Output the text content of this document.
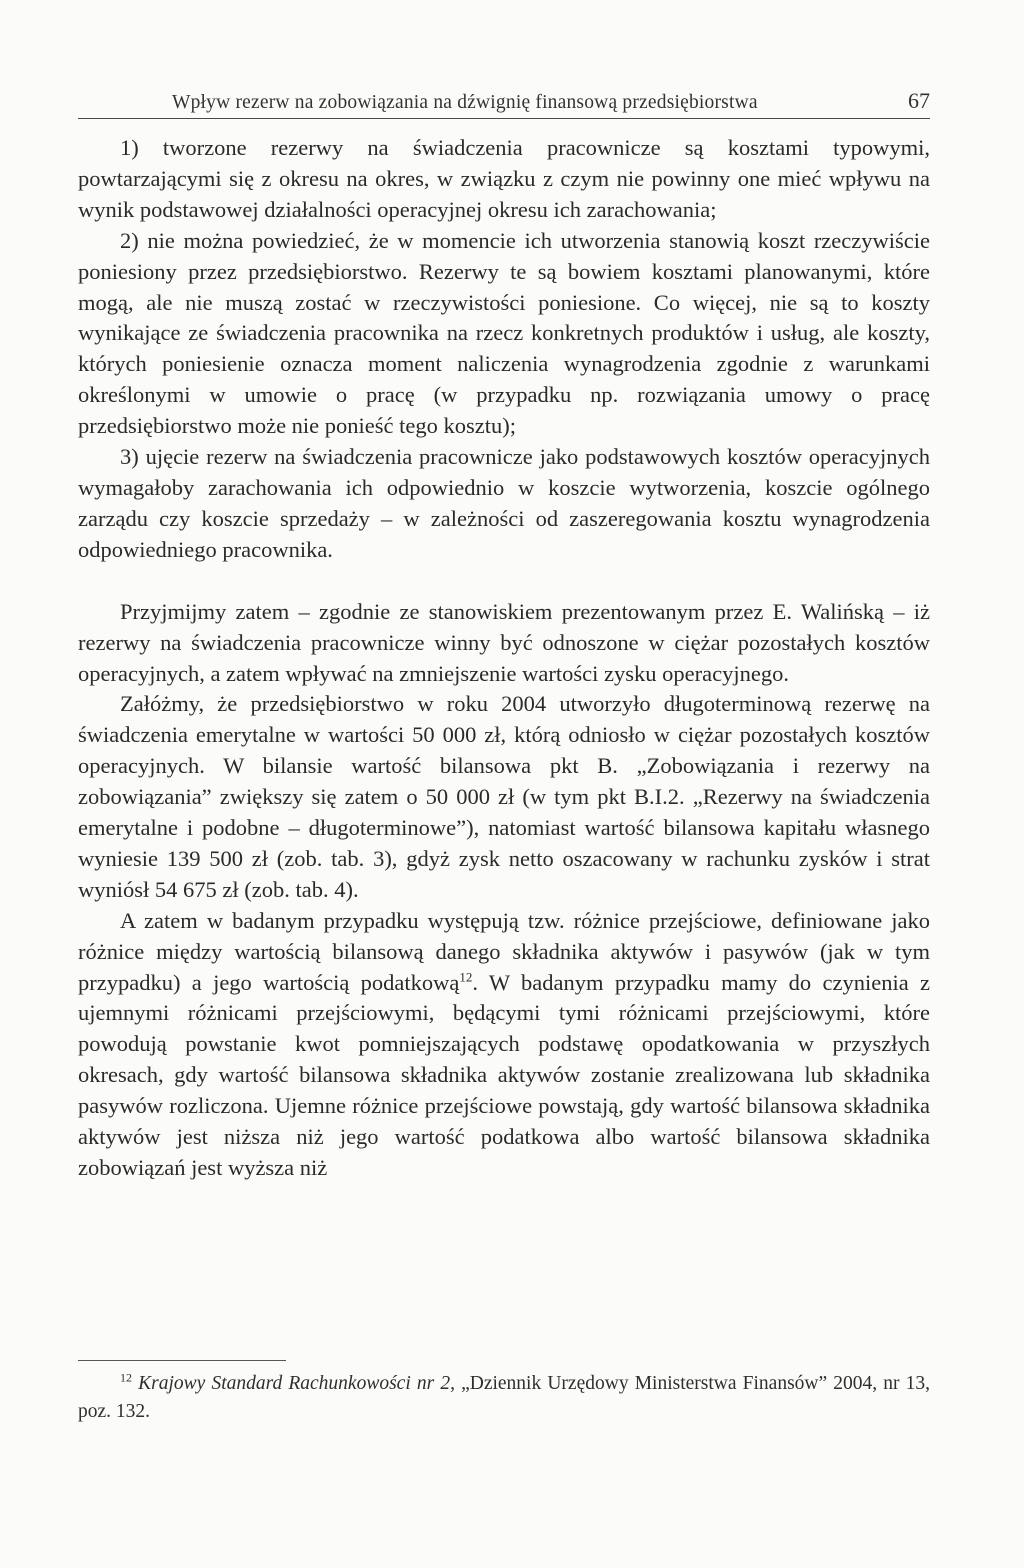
Wpływ rezerw na zobowiązania na dźwignię finansową przedsiębiorstwa	67

1) tworzone rezerwy na świadczenia pracownicze są kosztami typowymi, powtarzającymi się z okresu na okres, w związku z czym nie powinny one mieć wpływu na wynik podstawowej działalności operacyjnej okresu ich zarachowania;

2) nie można powiedzieć, że w momencie ich utworzenia stanowią koszt rzeczywiście poniesiony przez przedsiębiorstwo. Rezerwy te są bowiem kosztami planowanymi, które mogą, ale nie muszą zostać w rzeczywistości poniesione. Co więcej, nie są to koszty wynikające ze świadczenia pracownika na rzecz konkretnych produktów i usług, ale koszty, których poniesienie oznacza moment naliczenia wynagrodzenia zgodnie z warunkami określonymi w umowie o pracę (w przypadku np. rozwiązania umowy o pracę przedsiębiorstwo może nie ponieść tego kosztu);

3) ujęcie rezerw na świadczenia pracownicze jako podstawowych kosztów operacyjnych wymagałoby zarachowania ich odpowiednio w koszcie wytworzenia, koszcie ogólnego zarządu czy koszcie sprzedaży – w zależności od zaszeregowania kosztu wynagrodzenia odpowiedniego pracownika.

Przyjmijmy zatem – zgodnie ze stanowiskiem prezentowanym przez E. Walińską – iż rezerwy na świadczenia pracownicze winny być odnoszone w ciężar pozostałych kosztów operacyjnych, a zatem wpływać na zmniejszenie wartości zysku operacyjnego.

Załóżmy, że przedsiębiorstwo w roku 2004 utworzyło długoterminową rezerwę na świadczenia emerytalne w wartości 50 000 zł, którą odniosło w ciężar pozostałych kosztów operacyjnych. W bilansie wartość bilansowa pkt B. „Zobowiązania i rezerwy na zobowiązania” zwiększy się zatem o 50 000 zł (w tym pkt B.I.2. „Rezerwy na świadczenia emerytalne i podobne – długoterminowe”), natomiast wartość bilansowa kapitału własnego wyniesie 139 500 zł (zob. tab. 3), gdyż zysk netto oszacowany w rachunku zysków i strat wyniósł 54 675 zł (zob. tab. 4).

A zatem w badanym przypadku występują tzw. różnice przejściowe, definiowane jako różnice między wartością bilansową danego składnika aktywów i pasywów (jak w tym przypadku) a jego wartością podatkową$^{12}$. W badanym przypadku mamy do czynienia z ujemnymi różnicami przejściowymi, będącymi tymi różnicami przejściowymi, które powodują powstanie kwot pomniejszających podstawę opodatkowania w przyszłych okresach, gdy wartość bilansowa składnika aktywów zostanie zrealizowana lub składnika pasywów rozliczona. Ujemne różnice przejściowe powstają, gdy wartość bilansowa składnika aktywów jest niższa niż jego wartość podatkowa albo wartość bilansowa składnika zobowiązań jest wyższa niż

$^{12}$ Krajowy Standard Rachunkowości nr 2, „Dziennik Urzędowy Ministerstwa Finansów” 2004, nr 13, poz. 132.
